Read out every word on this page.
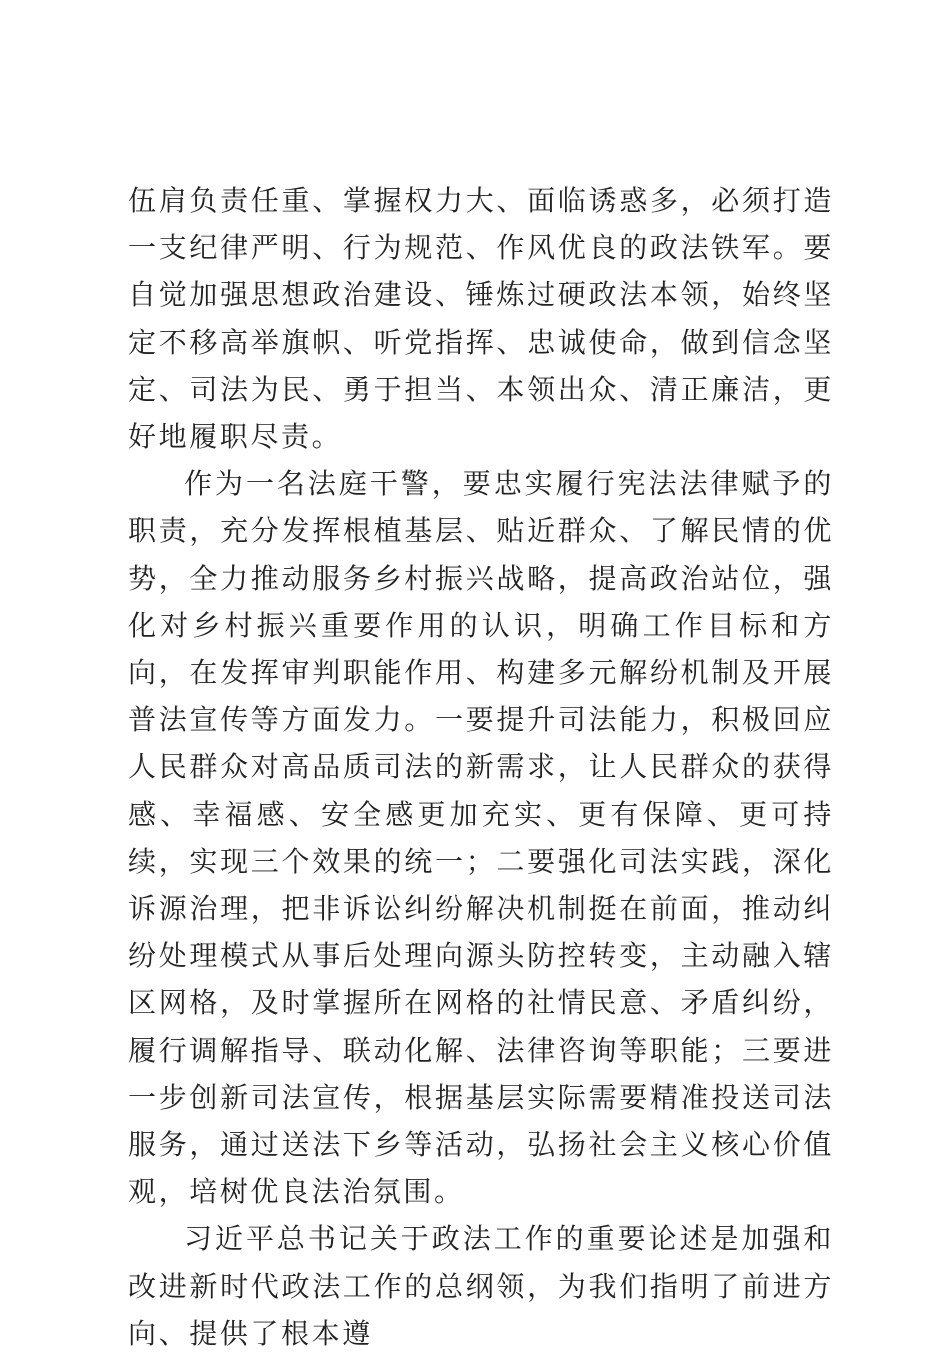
伍肩负责任重、掌握权力大、面临诱惑多，必须打造一支纪律严明、行为规范、作风优良的政法铁军。要自觉加强思想政治建设、锤炼过硬政法本领，始终坚定不移高举旗帜、听党指挥、忠诚使命，做到信念坚定、司法为民、勇于担当、本领出众、清正廉洁，更好地履职尽责。

作为一名法庭干警，要忠实履行宪法法律赋予的职责，充分发挥根植基层、贴近群众、了解民情的优势，全力推动服务乡村振兴战略，提高政治站位，强化对乡村振兴重要作用的认识，明确工作目标和方向，在发挥审判职能作用、构建多元解纷机制及开展普法宣传等方面发力。一要提升司法能力，积极回应人民群众对高品质司法的新需求，让人民群众的获得感、幸福感、安全感更加充实、更有保障、更可持续，实现三个效果的统一；二要强化司法实践，深化诉源治理，把非诉讼纠纷解决机制挺在前面，推动纠纷处理模式从事后处理向源头防控转变，主动融入辖区网格，及时掌握所在网格的社情民意、矛盾纠纷，履行调解指导、联动化解、法律咨询等职能；三要进一步创新司法宣传，根据基层实际需要精准投送司法服务，通过送法下乡等活动，弘扬社会主义核心价值观，培树优良法治氛围。

习近平总书记关于政法工作的重要论述是加强和改进新时代政法工作的总纲领，为我们指明了前进方向、提供了根本遵
